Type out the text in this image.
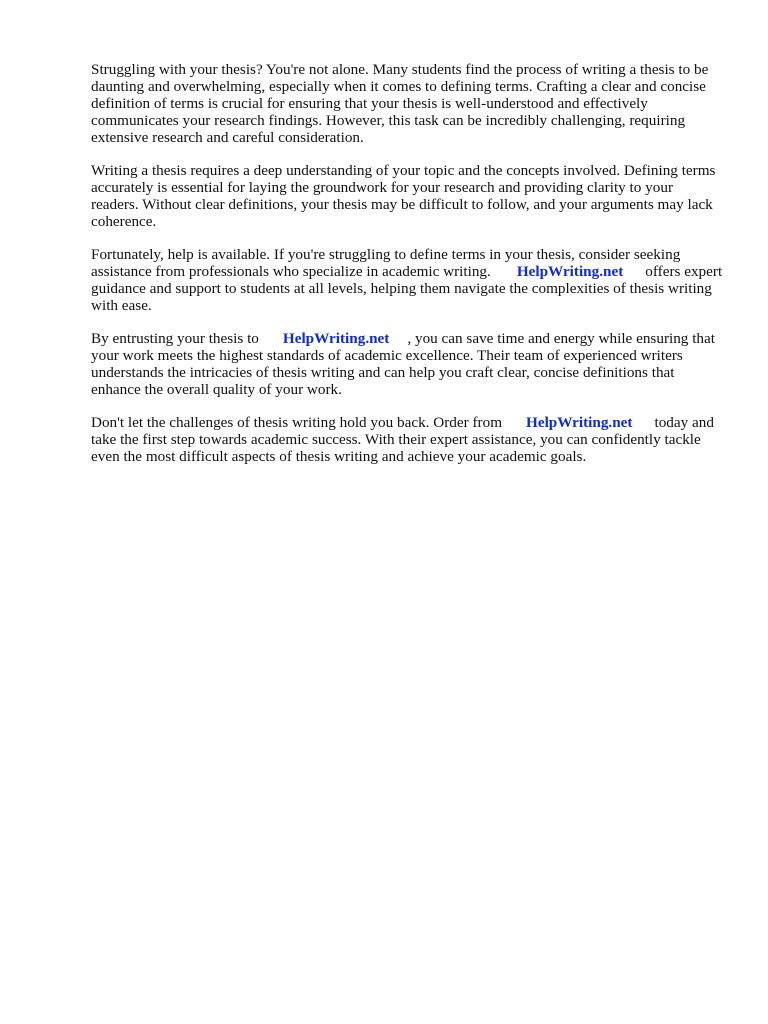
Struggling with your thesis? You're not alone. Many students find the process of writing a thesis to be daunting and overwhelming, especially when it comes to defining terms. Crafting a clear and concise definition of terms is crucial for ensuring that your thesis is well-understood and effectively communicates your research findings. However, this task can be incredibly challenging, requiring extensive research and careful consideration.

Writing a thesis requires a deep understanding of your topic and the concepts involved. Defining terms accurately is essential for laying the groundwork for your research and providing clarity to your readers. Without clear definitions, your thesis may be difficult to follow, and your arguments may lack coherence.

Fortunately, help is available. If you're struggling to define terms in your thesis, consider seeking assistance from professionals who specialize in academic writing. HelpWriting.net offers expert guidance and support to students at all levels, helping them navigate the complexities of thesis writing with ease.

By entrusting your thesis to HelpWriting.net , you can save time and energy while ensuring that your work meets the highest standards of academic excellence. Their team of experienced writers understands the intricacies of thesis writing and can help you craft clear, concise definitions that enhance the overall quality of your work.

Don't let the challenges of thesis writing hold you back. Order from HelpWriting.net today and take the first step towards academic success. With their expert assistance, you can confidently tackle even the most difficult aspects of thesis writing and achieve your academic goals.
